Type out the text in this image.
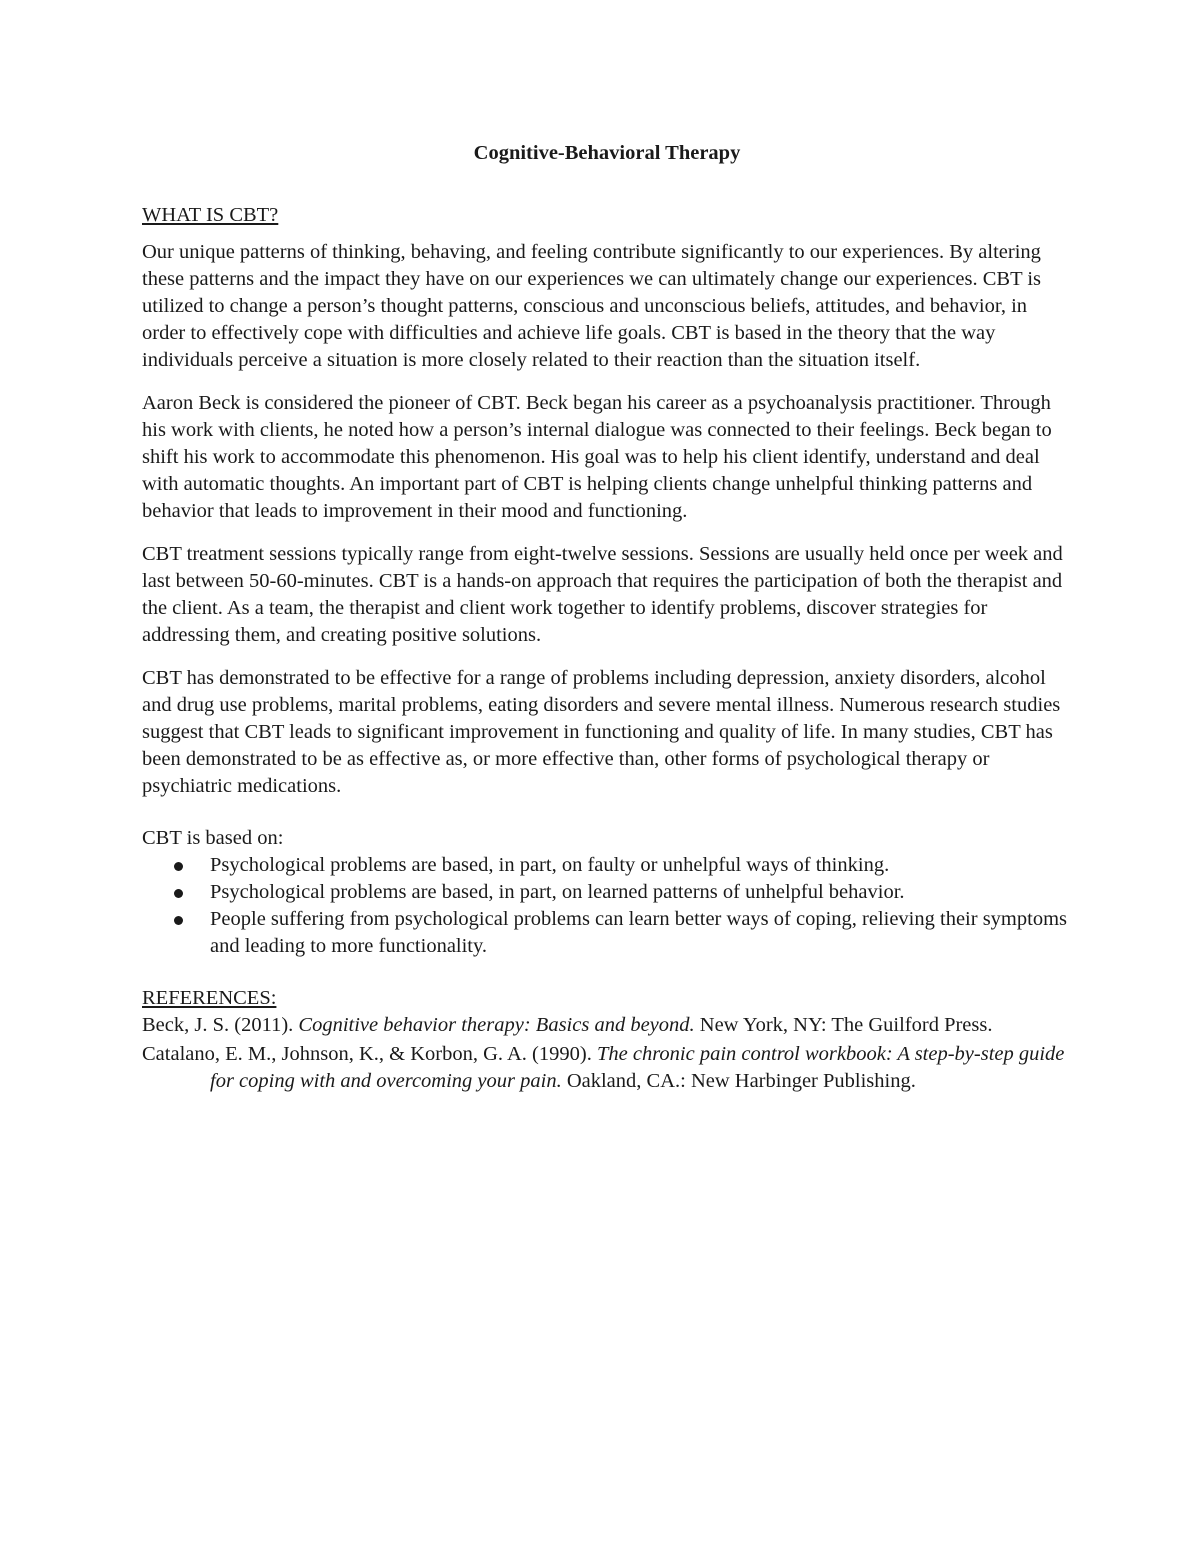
Cognitive-Behavioral Therapy
WHAT IS CBT?

Our unique patterns of thinking, behaving, and feeling contribute significantly to our experiences. By altering these patterns and the impact they have on our experiences we can ultimately change our experiences. CBT is utilized to change a person’s thought patterns, conscious and unconscious beliefs, attitudes, and behavior, in order to effectively cope with difficulties and achieve life goals. CBT is based in the theory that the way individuals perceive a situation is more closely related to their reaction than the situation itself.

Aaron Beck is considered the pioneer of CBT. Beck began his career as a psychoanalysis practitioner. Through his work with clients, he noted how a person’s internal dialogue was connected to their feelings. Beck began to shift his work to accommodate this phenomenon. His goal was to help his client identify, understand and deal with automatic thoughts. An important part of CBT is helping clients change unhelpful thinking patterns and behavior that leads to improvement in their mood and functioning.

CBT treatment sessions typically range from eight-twelve sessions. Sessions are usually held once per week and last between 50-60-minutes. CBT is a hands-on approach that requires the participation of both the therapist and the client. As a team, the therapist and client work together to identify problems, discover strategies for addressing them, and creating positive solutions.

CBT has demonstrated to be effective for a range of problems including depression, anxiety disorders, alcohol and drug use problems, marital problems, eating disorders and severe mental illness. Numerous research studies suggest that CBT leads to significant improvement in functioning and quality of life. In many studies, CBT has been demonstrated to be as effective as, or more effective than, other forms of psychological therapy or psychiatric medications.

CBT is based on:
Psychological problems are based, in part, on faulty or unhelpful ways of thinking.
Psychological problems are based, in part, on learned patterns of unhelpful behavior.
People suffering from psychological problems can learn better ways of coping, relieving their symptoms and leading to more functionality.
REFERENCES:

Beck, J. S. (2011). Cognitive behavior therapy: Basics and beyond. New York, NY: The Guilford Press.

Catalano, E. M., Johnson, K., & Korbon, G. A. (1990). The chronic pain control workbook: A step-by-step guide for coping with and overcoming your pain. Oakland, CA.: New Harbinger Publishing.
